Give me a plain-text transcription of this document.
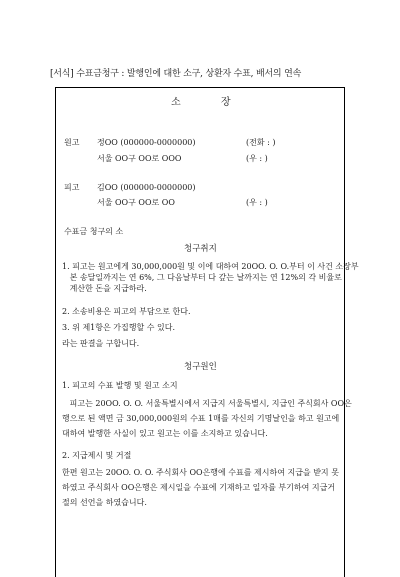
[서식] 수표금청구 : 발행인에 대한 소구, 상환자 수표, 배서의 연속
소	장
원고 정OO (000000-0000000)	(전화 : )
서울 OO구 OO로 OOO	(우 : )
피고 김OO (000000-0000000)
서울 OO구 OO로 OO	(우 : )
수표금 청구의 소
청구취지
1. 피고는 원고에게 30,000,000원 및 이에 대하여 20OO. O. O.부터 이 사건 소장부
본 송달일까지는 연 6%, 그 다음날부터 다 갚는 날까지는 연 12%의 각 비율로
계산한 돈을 지급하라.
2. 소송비용은 피고의 부담으로 한다.
3. 위 제1항은 가집행할 수 있다.
라는 판결을 구합니다.
청구원인
1. 피고의 수표 발행 및 원고 소지
피고는 20OO. O. O. 서울특별시에서 지급지 서울특별시, 지급인 주식회사 OO은
행으로 된 액면 금 30,000,000원의 수표 1매를 자신의 기명날인을 하고 원고에
대하여 발행한 사실이 있고 원고는 이를 소지하고 있습니다.
2. 지급제시 및 거절
한편 원고는 20OO. O. O. 주식회사 OO은행에 수표를 제시하여 지급을 받지 못
하였고 주식회사 OO은행은 제시일을 수표에 기재하고 일자를 부기하여 지급거
절의 선언을 하였습니다.
